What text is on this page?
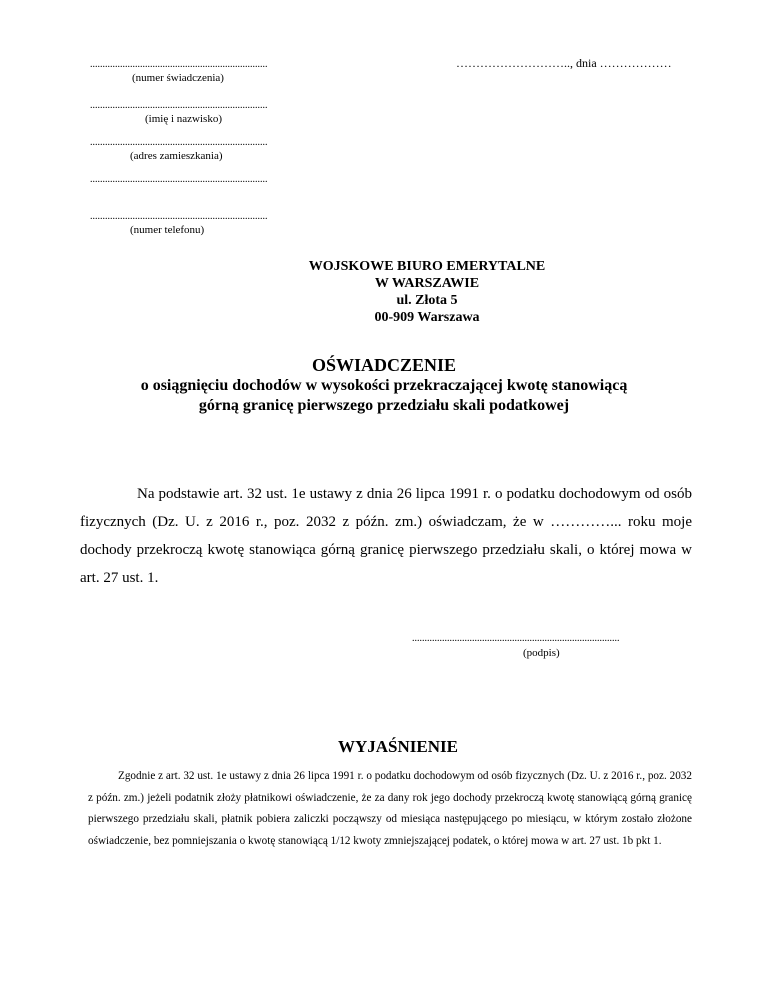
.......................................................................
(numer świadczenia)
.......................................................................
(imię i nazwisko)
.......................................................................
(adres zamieszkania)
.......................................................................
.......................................................................
(numer telefonu)
……………………….., dnia ………………
WOJSKOWE BIURO EMERYTALNE
W WARSZAWIE
ul. Złota 5
00-909 Warszawa
OŚWIADCZENIE
o osiągnięciu dochodów w wysokości przekraczającej kwotę stanowiącą
górną granicę pierwszego przedziału skali podatkowej

Na podstawie art. 32 ust. 1e ustawy z dnia 26 lipca 1991 r. o podatku dochodowym od osób fizycznych (Dz. U. z 2016 r., poz. 2032 z późn. zm.) oświadczam, że w …………... roku moje dochody przekroczą kwotę stanowiąca górną granicę pierwszego przedziału skali, o której mowa w art. 27 ust. 1.

...................................................................................
(podpis)
WYJAŚNIENIE

Zgodnie z art. 32 ust. 1e ustawy z dnia 26 lipca 1991 r. o podatku dochodowym od osób fizycznych (Dz. U. z 2016 r., poz. 2032 z późn. zm.) jeżeli podatnik złoży płatnikowi oświadczenie, że za dany rok jego dochody przekroczą kwotę stanowiącą górną granicę pierwszego przedziału skali, płatnik pobiera zaliczki począwszy od miesiąca następującego po miesiącu, w którym zostało złożone oświadczenie, bez pomniejszania o kwotę stanowiącą 1/12 kwoty zmniejszającej podatek, o której mowa w art. 27 ust. 1b pkt 1.
